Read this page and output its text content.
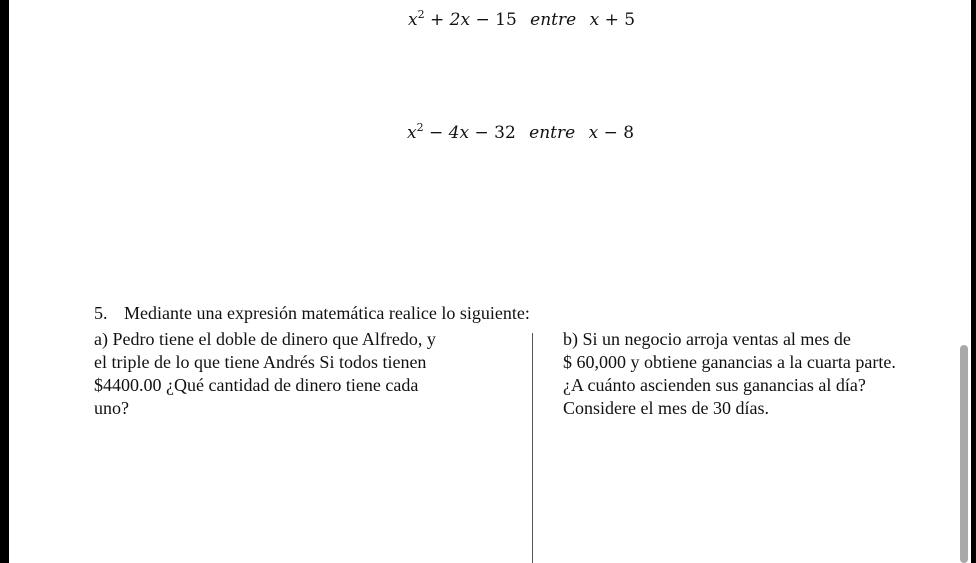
$x^2 + 2x - 15$ entre x + 5
$x^2 - 4x - 32$ entre x − 8
5. Mediante una expresión matemática realice lo siguiente:
a) Pedro tiene el doble de dinero que Alfredo, y
el triple de lo que tiene Andrés Si todos tienen
$4400.00 ¿Qué cantidad de dinero tiene cada
uno?
b) Si un negocio arroja ventas al mes de
$ 60,000 y obtiene ganancias a la cuarta parte.
¿A cuánto ascienden sus ganancias al día?
Considere el mes de 30 días.
